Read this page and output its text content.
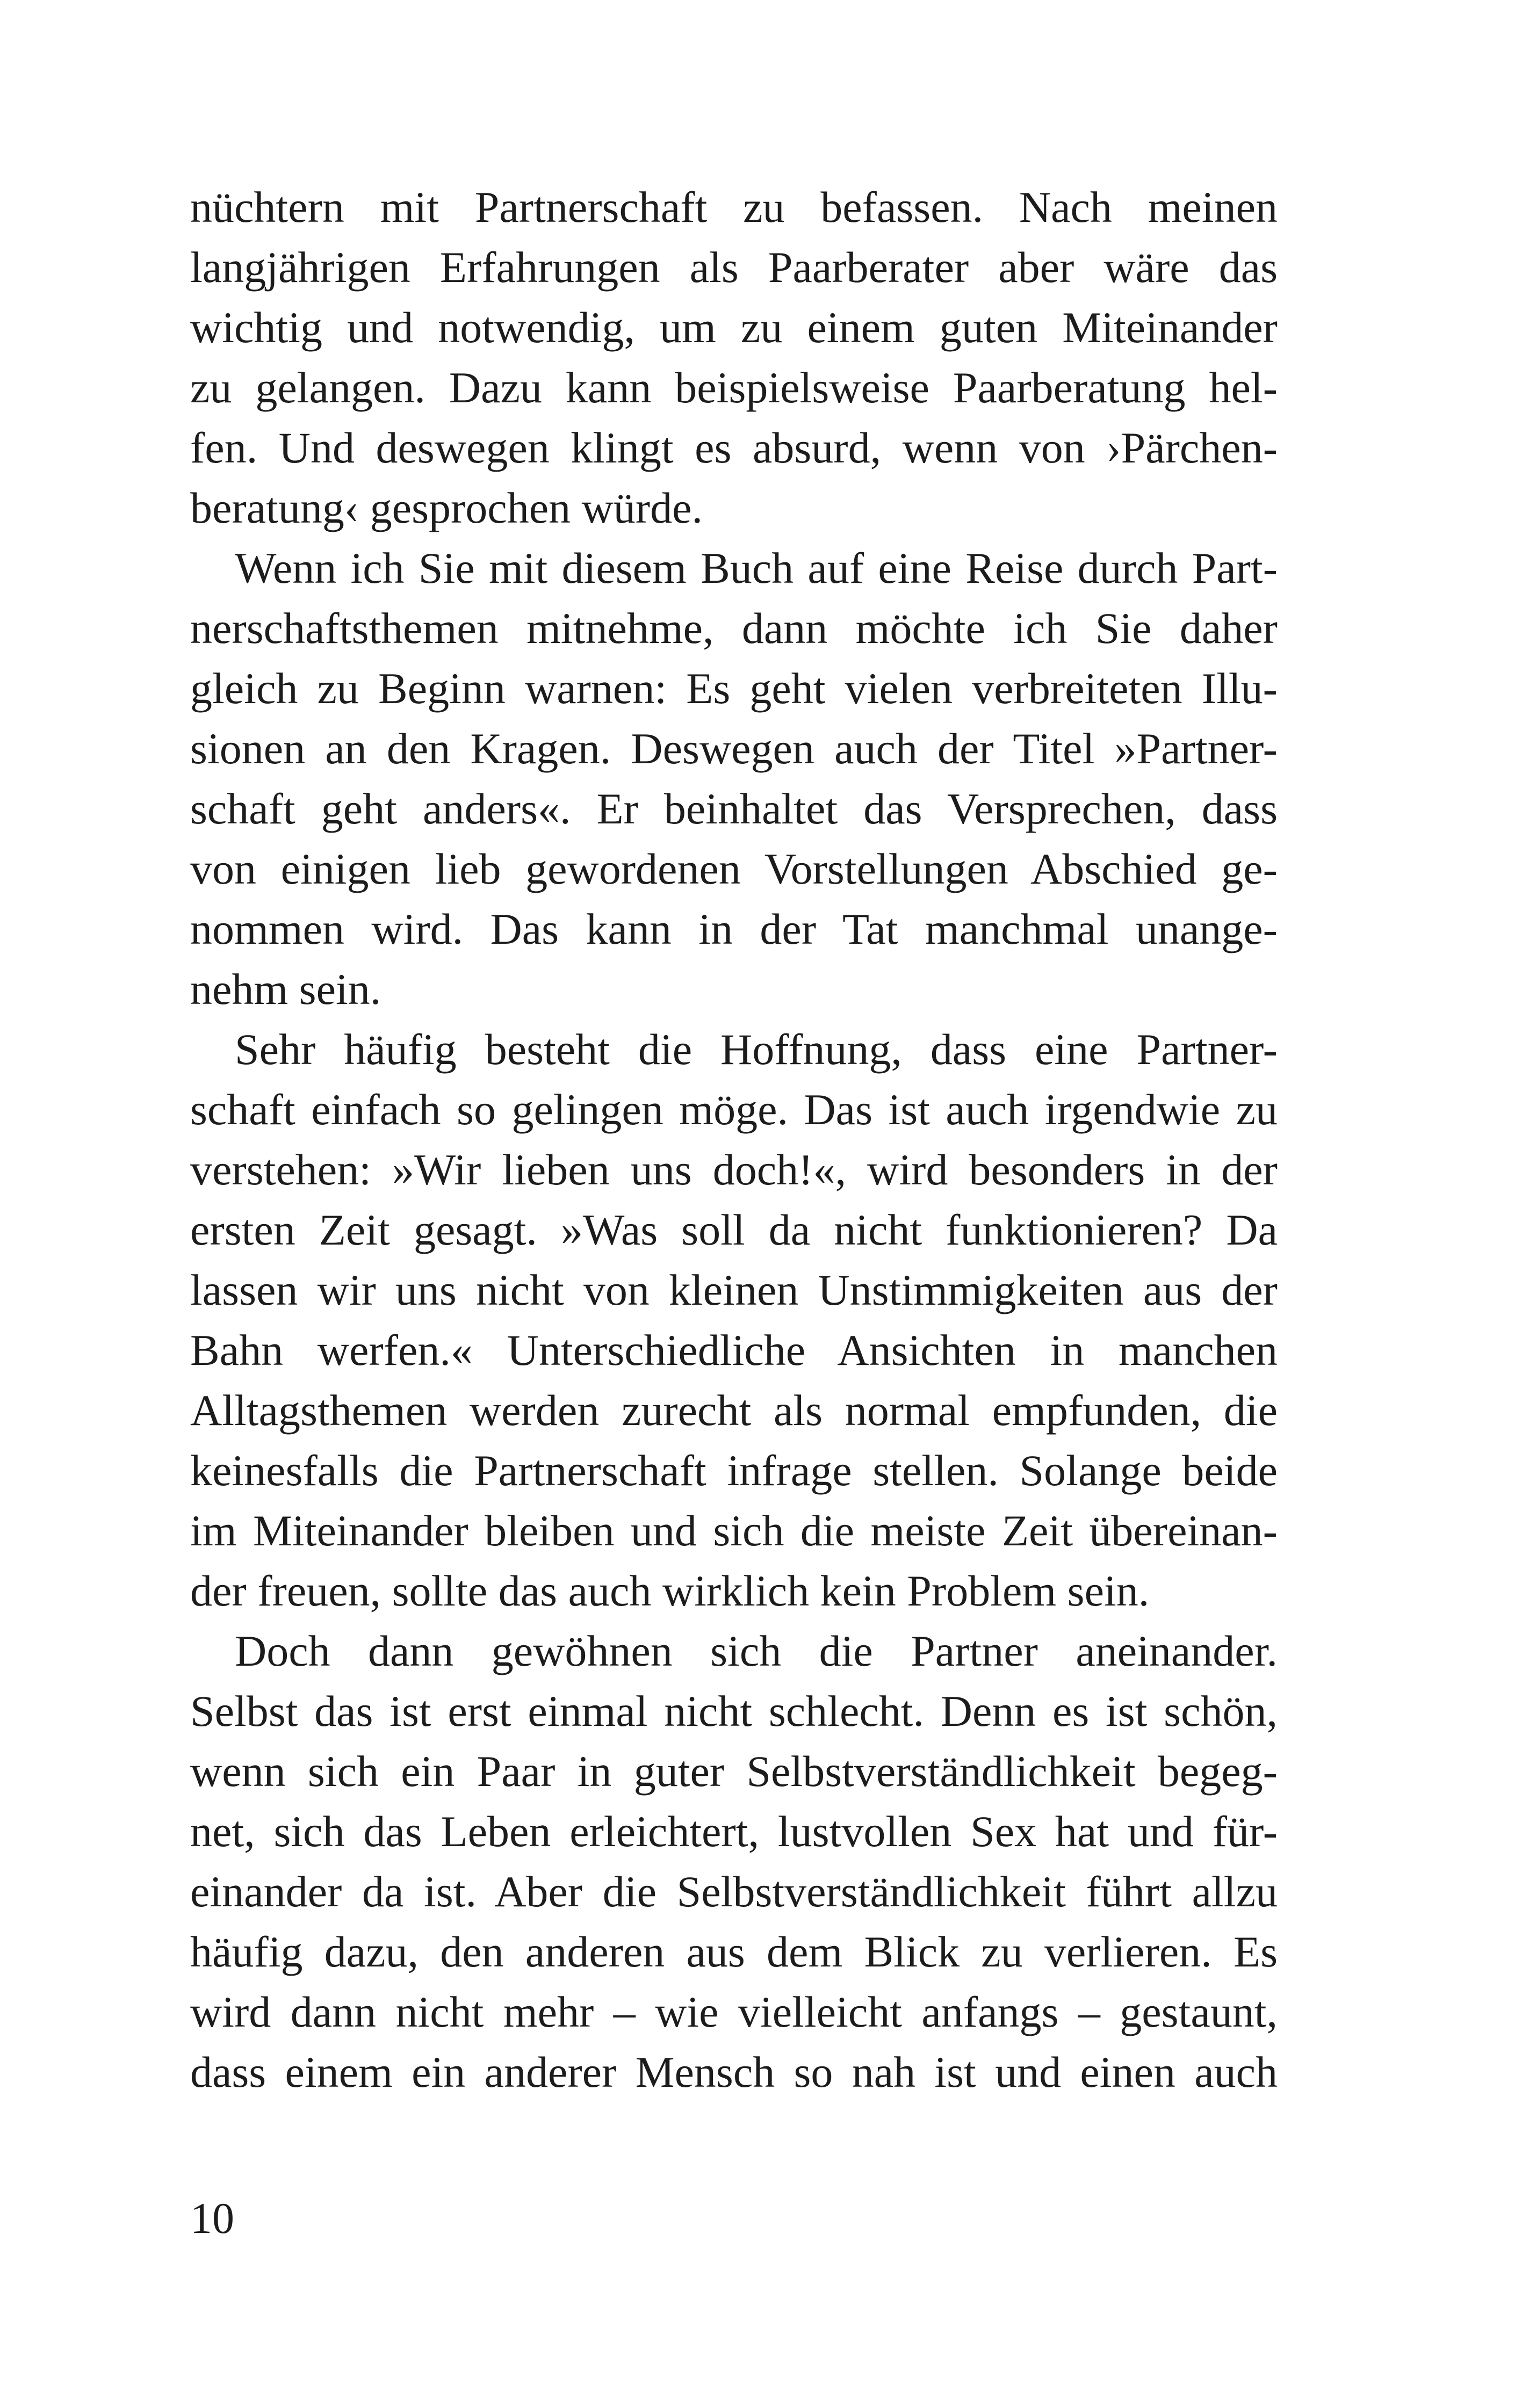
nüchtern mit Partnerschaft zu befassen. Nach meinen
langjährigen Erfahrungen als Paarberater aber wäre das
wichtig und notwendig, um zu einem guten Miteinander
zu gelangen. Dazu kann beispielsweise Paarberatung hel-
fen. Und deswegen klingt es absurd, wenn von ›Pärchen-
beratung‹ gesprochen würde.
Wenn ich Sie mit diesem Buch auf eine Reise durch Part-
nerschaftsthemen mitnehme, dann möchte ich Sie daher
gleich zu Beginn warnen: Es geht vielen verbreiteten Illu-
sionen an den Kragen. Deswegen auch der Titel »Partner-
schaft geht anders«. Er beinhaltet das Versprechen, dass
von einigen lieb gewordenen Vorstellungen Abschied ge-
nommen wird. Das kann in der Tat manchmal unange-
nehm sein.
Sehr häufig besteht die Hoffnung, dass eine Partner-
schaft einfach so gelingen möge. Das ist auch irgendwie zu
verstehen: »Wir lieben uns doch!«, wird besonders in der
ersten Zeit gesagt. »Was soll da nicht funktionieren? Da
lassen wir uns nicht von kleinen Unstimmigkeiten aus der
Bahn werfen.« Unterschiedliche Ansichten in manchen
Alltagsthemen werden zurecht als normal empfunden, die
keinesfalls die Partnerschaft infrage stellen. Solange beide
im Miteinander bleiben und sich die meiste Zeit übereinan-
der freuen, sollte das auch wirklich kein Problem sein.
Doch dann gewöhnen sich die Partner aneinander.
Selbst das ist erst einmal nicht schlecht. Denn es ist schön,
wenn sich ein Paar in guter Selbstverständlichkeit begeg-
net, sich das Leben erleichtert, lustvollen Sex hat und für-
einander da ist. Aber die Selbstverständlichkeit führt allzu
häufig dazu, den anderen aus dem Blick zu verlieren. Es
wird dann nicht mehr – wie vielleicht anfangs – gestaunt,
dass einem ein anderer Mensch so nah ist und einen auch
10
